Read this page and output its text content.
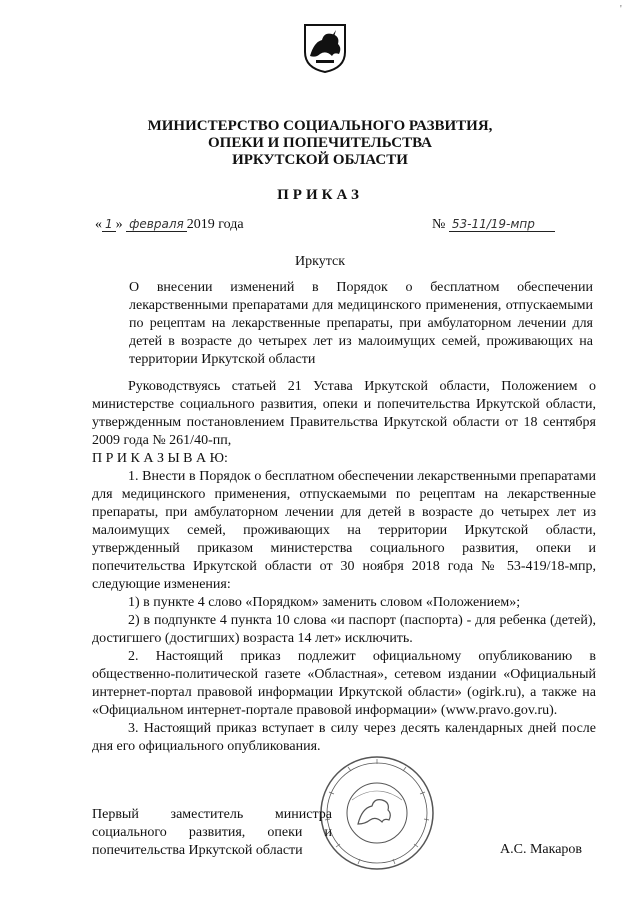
'
МИНИСТЕРСТВО СОЦИАЛЬНОГО РАЗВИТИЯ,
ОПЕКИ И ПОПЕЧИТЕЛЬСТВА
ИРКУТСКОЙ ОБЛАСТИ
ПРИКАЗ
« 1 » февраля 2019 года	№ 53-11/19-мпр
Иркутск
О внесении изменений в Порядок о бесплатном обеспечении лекарственными препаратами для медицинского применения, отпускаемыми по рецептам на лекарственные препараты, при амбулаторном лечении для детей в возрасте до четырех лет из малоимущих семей, проживающих на территории Иркутской области

Руководствуясь статьей 21 Устава Иркутской области, Положением о министерстве социального развития, опеки и попечительства Иркутской области, утвержденным постановлением Правительства Иркутской области от 18 сентября 2009 года № 261/40-пп,

П Р И К А З Ы В А Ю:

1. Внести в Порядок о бесплатном обеспечении лекарственными препаратами для медицинского применения, отпускаемыми по рецептам на лекарственные препараты, при амбулаторном лечении для детей в возрасте до четырех лет из малоимущих семей, проживающих на территории Иркутской области, утвержденный приказом министерства социального развития, опеки и попечительства Иркутской области от 30 ноября 2018 года № 53-419/18-мпр, следующие изменения:

1) в пункте 4 слово «Порядком» заменить словом «Положением»;

2) в подпункте 4 пункта 10 слова «и паспорт (паспорта) - для ребенка (детей), достигшего (достигших) возраста 14 лет» исключить.

2. Настоящий приказ подлежит официальному опубликованию в общественно-политической газете «Областная», сетевом издании «Официальный интернет-портал правовой информации Иркутской области» (ogirk.ru), а также на «Официальном интернет-портале правовой информации» (www.pravo.gov.ru).

3. Настоящий приказ вступает в силу через десять календарных дней после дня его официального опубликования.

Первый заместитель министра
социального развития, опеки и
попечительства Иркутской области	А.С. Макаров
